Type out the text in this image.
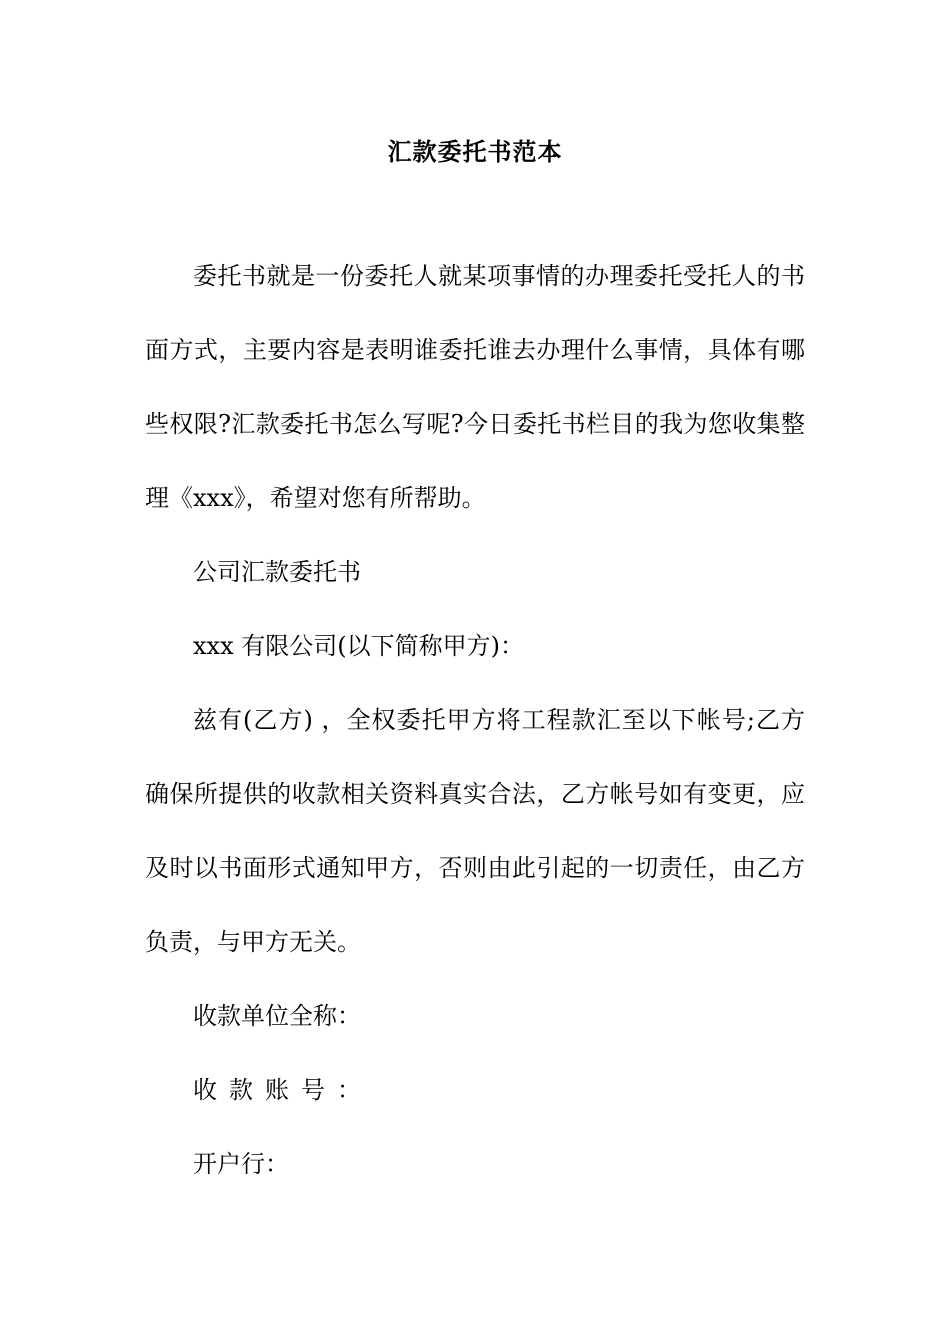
汇款委托书范本
委托书就是一份委托人就某项事情的办理委托受托人的书
面方式，主要内容是表明谁委托谁去办理什么事情，具体有哪
些权限?汇款委托书怎么写呢?今日委托书栏目的我为您收集整
理《xxx》，希望对您有所帮助。
公司汇款委托书
xxx 有限公司(以下简称甲方)：
兹有(乙方) ，全权委托甲方将工程款汇至以下帐号;乙方
确保所提供的收款相关资料真实合法，乙方帐号如有变更，应
及时以书面形式通知甲方，否则由此引起的一切责任，由乙方
负责，与甲方无关。
收款单位全称：
收款账号：
开户行：
